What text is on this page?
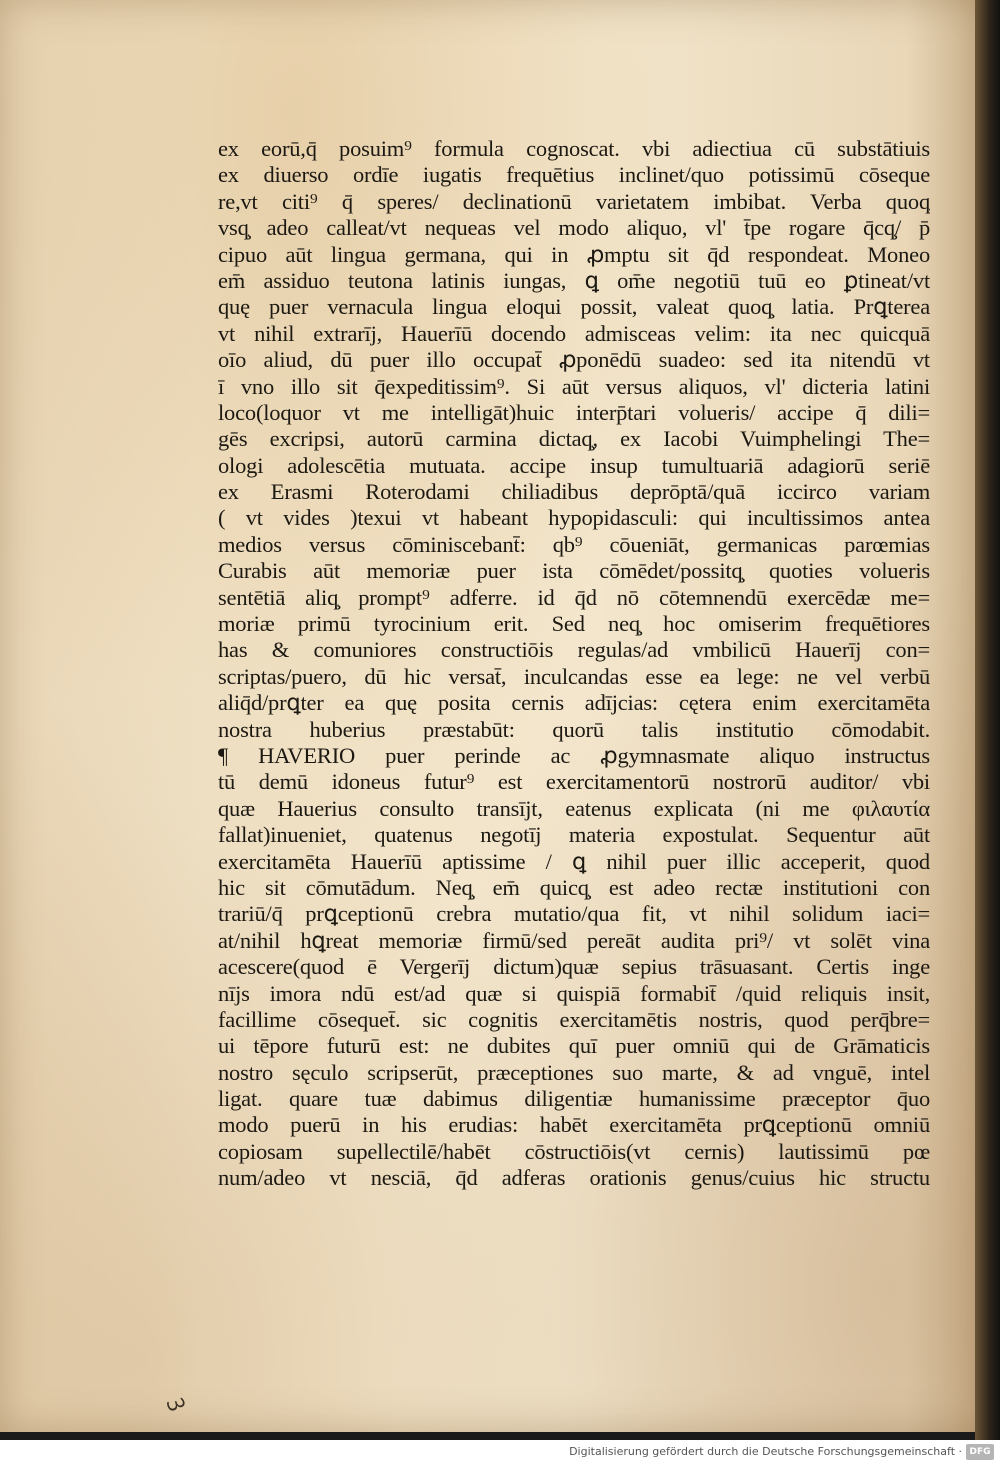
ex eorū,q̄ posuim⁹ formula cognoscat. vbi adiectiua cū substātiuis
ex diuerso ordīe iugatis frequētius inclinet/quo potissimū cōseque
re,vt citi⁹ q̄ speres/ declinationū varietatem imbibat. Verba quoq̧
vsq̧ adeo calleat/vt nequeas vel modo aliquo, vl' t̄pe rogare q̄cq̧/ p̄
cipuo aūt lingua germana, qui in ꝓmptu sit q̄d respondeat. Moneo
em̄ assiduo teutona latinis iungas, ꝗ om̄e negotiū tuū eo ꝑtineat/vt
quę puer vernacula lingua eloqui possit, valeat quoq̧ latia. Prꝗterea
vt nihil extrarīj, Hauerīū docendo admisceas velim: ita nec quicquā
oīo aliud, dū puer illo occupat̄ ꝓponēdū suadeo: sed ita nitendū vt
ī vno illo sit q̄expeditissim⁹. Si aūt versus aliquos, vl' dicteria latini
loco(loquor vt me intelligāt)huic interp̄tari volueris/ accipe q̄ dili=
gēs excripsi, autorū carmina dictaq̧, ex Iacobi Vuimphelingi The=
ologi adolescētia mutuata. accipe insup tumultuariā adagiorū seriē
ex Erasmi Roterodami chiliadibus deprōptā/quā iccirco variam
( vt vides )texui vt habeant hypopidasculi: qui incultissimos antea
medios versus cōminiscebant̄: qb⁹ cōueniāt, germanicas parœmias
Curabis aūt memoriæ puer ista cōmēdet/possitq̧ quoties volueris
sentētiā aliq̧ prompt⁹ adferre. id q̄d nō cōtemnendū exercēdæ me=
moriæ primū tyrocinium erit. Sed neq̧ hoc omiserim frequētiores
has & comuniores constructiōis regulas/ad vmbilicū Hauerīj con=
scriptas/puero, dū hic versat̄, inculcandas esse ea lege: ne vel verbū
aliq̄d/prꝗter ea quę posita cernis adījcias: cętera enim exercitamēta
nostra huberius præstabūt: quorū talis institutio cōmodabit.
¶ HAVERIO puer perinde ac ꝓgymnasmate aliquo instructus
tū demū idoneus futur⁹ est exercitamentorū nostrorū auditor/ vbi
quæ Hauerius consulto transījt, eatenus explicata (ni me φιλαυτία
fallat)inueniet, quatenus negotīj materia expostulat. Sequentur aūt
exercitamēta Hauerīū aptissime / ꝗ nihil puer illic acceperit, quod
hic sit cōmutādum. Neq̧ em̄ quicq̧ est adeo rectæ institutioni con
trariū/q̄ prꝗceptionū crebra mutatio/qua fit, vt nihil solidum iaci=
at/nihil hꝗreat memoriæ firmū/sed pereāt audita pri⁹/ vt solēt vina
acescere(quod ē Vergerīj dictum)quæ sepius trāsuasant. Certis inge
nījs imora ndū est/ad quæ si quispiā formabit̄ /quid reliquis insit,
facillime cōsequet̄. sic cognitis exercitamētis nostris, quod perq̄bre=
ui tēpore futurū est: ne dubites quī puer omniū qui de Grāmaticis
nostro sęculo scripserūt, præceptiones suo marte, & ad vnguē, intel
ligat. quare tuæ dabimus diligentiæ humanissime præceptor q̄uo
modo puerū in his erudias: habēt exercitamēta prꝗceptionū omniū
copiosam supellectilē/habēt cōstructiōis(vt cernis) lautissimū pœ
num/adeo vt nesciā, q̄d adferas orationis genus/cuius hic structu
ꝫ
Digitalisierung gefördert durch die Deutsche Forschungsgemeinschaft · DFG
